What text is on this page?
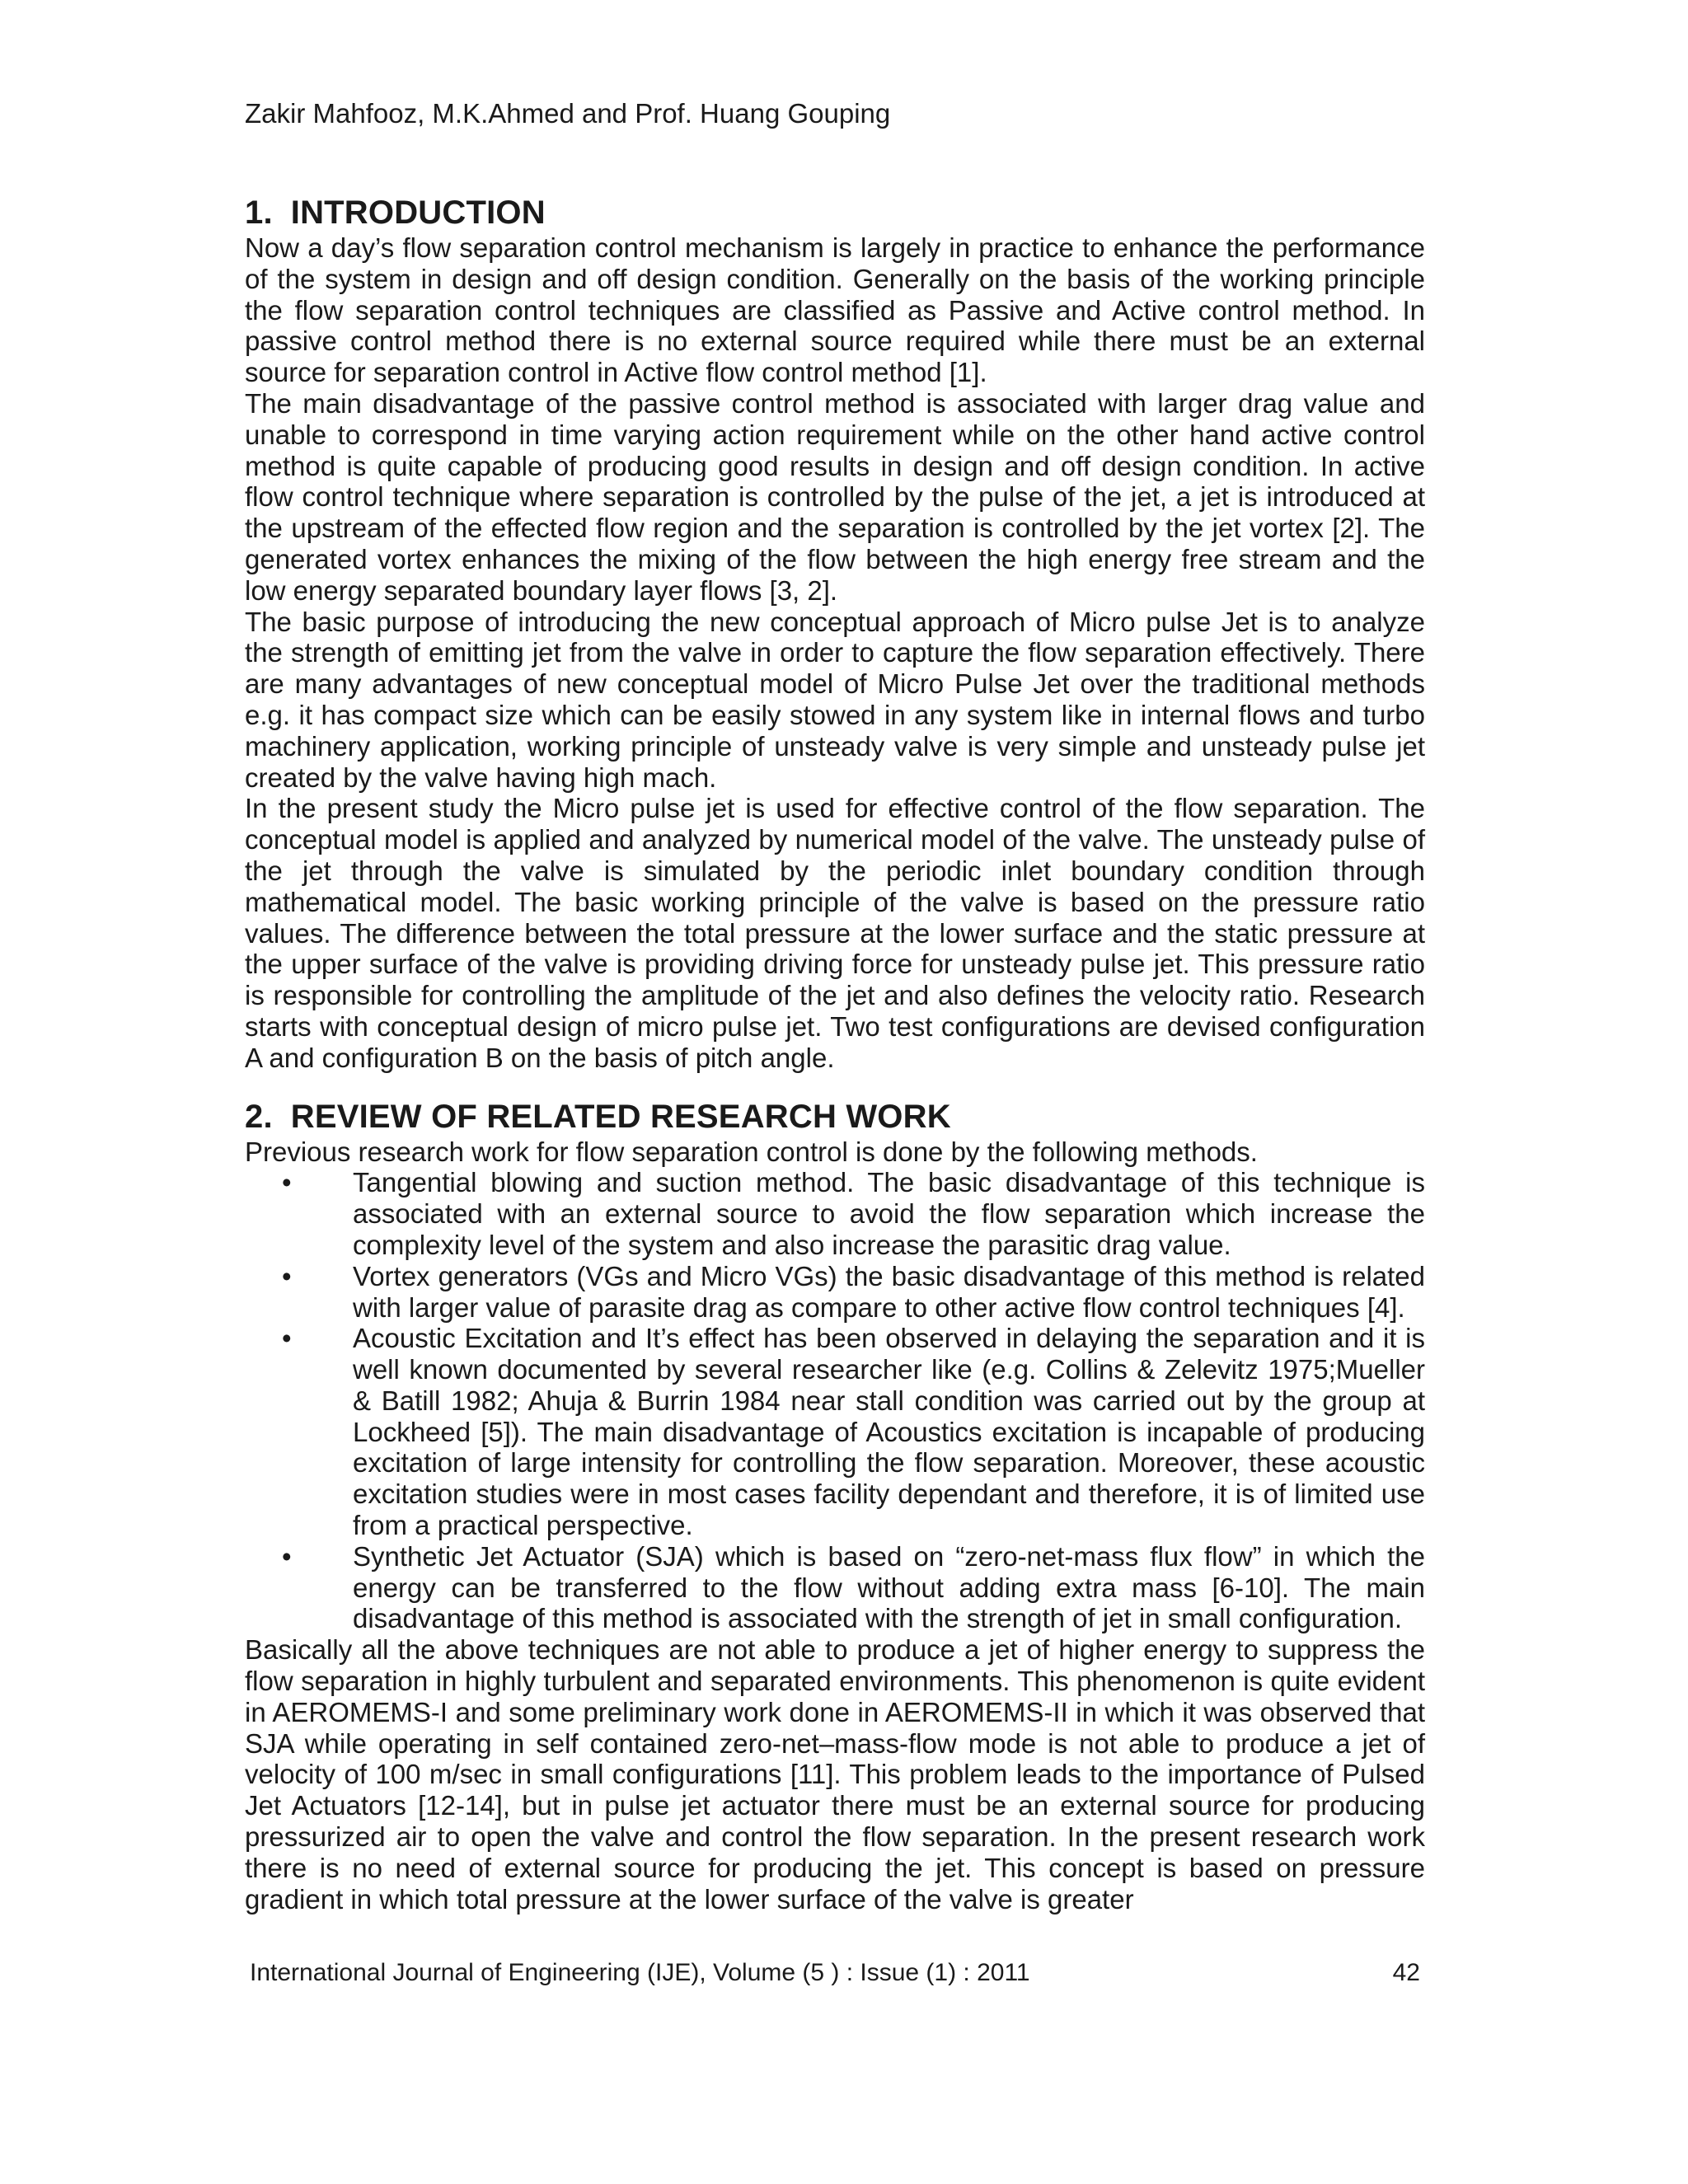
Zakir Mahfooz, M.K.Ahmed and Prof. Huang Gouping
1. INTRODUCTION

Now a day’s flow separation control mechanism is largely in practice to enhance the performance of the system in design and off design condition. Generally on the basis of the working principle the flow separation control techniques are classified as Passive and Active control method. In passive control method there is no external source required while there must be an external source for separation control in Active flow control method [1].

The main disadvantage of the passive control method is associated with larger drag value and unable to correspond in time varying action requirement while on the other hand active control method is quite capable of producing good results in design and off design condition. In active flow control technique where separation is controlled by the pulse of the jet, a jet is introduced at the upstream of the effected flow region and the separation is controlled by the jet vortex [2]. The generated vortex enhances the mixing of the flow between the high energy free stream and the low energy separated boundary layer flows [3, 2].

The basic purpose of introducing the new conceptual approach of Micro pulse Jet is to analyze the strength of emitting jet from the valve in order to capture the flow separation effectively. There are many advantages of new conceptual model of Micro Pulse Jet over the traditional methods e.g. it has compact size which can be easily stowed in any system like in internal flows and turbo machinery application, working principle of unsteady valve is very simple and unsteady pulse jet created by the valve having high mach.

In the present study the Micro pulse jet is used for effective control of the flow separation. The conceptual model is applied and analyzed by numerical model of the valve. The unsteady pulse of the jet through the valve is simulated by the periodic inlet boundary condition through mathematical model. The basic working principle of the valve is based on the pressure ratio values. The difference between the total pressure at the lower surface and the static pressure at the upper surface of the valve is providing driving force for unsteady pulse jet. This pressure ratio is responsible for controlling the amplitude of the jet and also defines the velocity ratio. Research starts with conceptual design of micro pulse jet. Two test configurations are devised configuration A and configuration B on the basis of pitch angle.

2. REVIEW OF RELATED RESEARCH WORK

Previous research work for flow separation control is done by the following methods.

• Tangential blowing and suction method. The basic disadvantage of this technique is associated with an external source to avoid the flow separation which increase the complexity level of the system and also increase the parasitic drag value.
• Vortex generators (VGs and Micro VGs) the basic disadvantage of this method is related with larger value of parasite drag as compare to other active flow control techniques [4].
• Acoustic Excitation and It’s effect has been observed in delaying the separation and it is well known documented by several researcher like (e.g. Collins & Zelevitz 1975;Mueller & Batill 1982; Ahuja & Burrin 1984 near stall condition was carried out by the group at Lockheed [5]). The main disadvantage of Acoustics excitation is incapable of producing excitation of large intensity for controlling the flow separation. Moreover, these acoustic excitation studies were in most cases facility dependant and therefore, it is of limited use from a practical perspective.
• Synthetic Jet Actuator (SJA) which is based on “zero-net-mass flux flow” in which the energy can be transferred to the flow without adding extra mass [6-10]. The main disadvantage of this method is associated with the strength of jet in small configuration.

Basically all the above techniques are not able to produce a jet of higher energy to suppress the flow separation in highly turbulent and separated environments. This phenomenon is quite evident in AEROMEMS-I and some preliminary work done in AEROMEMS-II in which it was observed that SJA while operating in self contained zero-net–mass-flow mode is not able to produce a jet of velocity of 100 m/sec in small configurations [11]. This problem leads to the importance of Pulsed Jet Actuators [12-14], but in pulse jet actuator there must be an external source for producing pressurized air to open the valve and control the flow separation. In the present research work there is no need of external source for producing the jet. This concept is based on pressure gradient in which total pressure at the lower surface of the valve is greater

International Journal of Engineering (IJE), Volume (5 ) : Issue (1) : 2011	42
